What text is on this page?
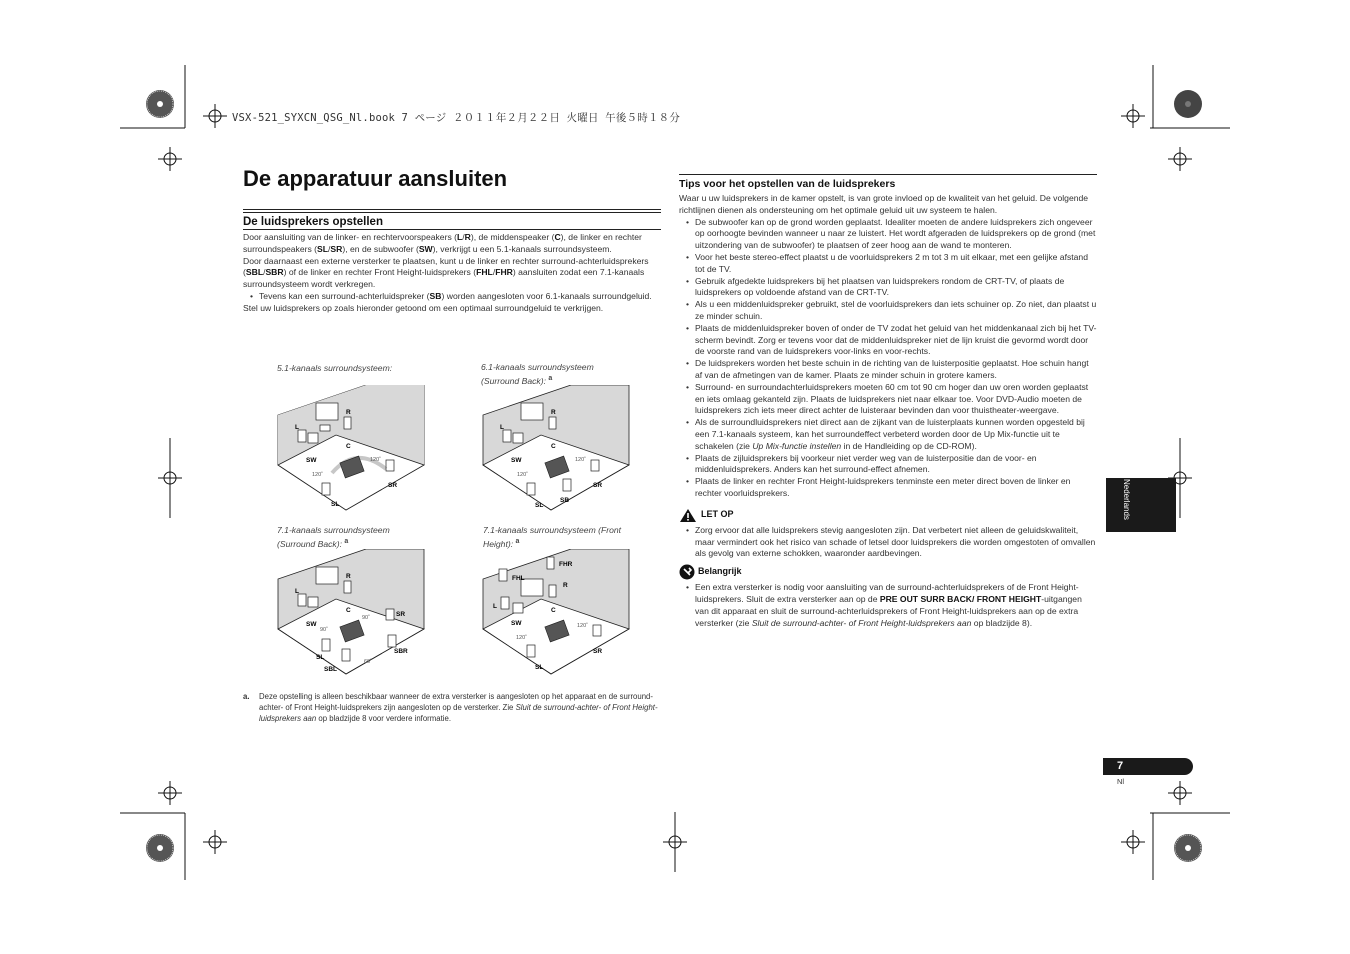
VSX-521_SYXCN_QSG_Nl.book 7 ページ ２０１１年２月２２日 火曜日 午後５時１８分
De apparatuur aansluiten
De luidsprekers opstellen

Door aansluiting van de linker- en rechtervoorspeakers (L/R), de middenspeaker (C), de linker en rechter surroundspeakers (SL/SR), en de subwoofer (SW), verkrijgt u een 5.1-kanaals surroundsysteem.

Door daarnaast een externe versterker te plaatsen, kunt u de linker en rechter surround-achterluidsprekers (SBL/SBR) of de linker en rechter Front Height-luidsprekers (FHL/FHR) aansluiten zodat een 7.1-kanaals surroundsysteem wordt verkregen.

• Tevens kan een surround-achterluidspreker (SB) worden aangesloten voor 6.1-kanaals surroundgeluid.

Stel uw luidsprekers op zoals hieronder getoond om een optimaal surroundgeluid te verkrijgen.

5.1-kanaals surroundsysteem:	6.1-kanaals surroundsysteem (Surround Back): $^a$
7.1-kanaals surroundsysteem (Surround Back): $^a$
7.1-kanaals surroundsysteem (Front Height): $^a$
L
R
C
SW
SR
SL
120˚
120˚
L
R
C
SW
SR
SL
SB
120˚
120˚
L
R
C
SW
SR
SL
SBL
SBR
90˚
90˚
60˚
FHL
FHR
L
R
C
SW
SR
SL
120˚
120˚
a.	Deze opstelling is alleen beschikbaar wanneer de extra versterker is aangesloten op het apparaat en de surround-achter- of Front Height-luidsprekers zijn aangesloten op de versterker. Zie Sluit de surround-achter- of Front Height-luidsprekers aan op bladzijde 8 voor verdere informatie.
Tips voor het opstellen van de luidsprekers

Waar u uw luidsprekers in de kamer opstelt, is van grote invloed op de kwaliteit van het geluid. De volgende richtlijnen dienen als ondersteuning om het optimale geluid uit uw systeem te halen.

• De subwoofer kan op de grond worden geplaatst. Idealiter moeten de andere luidsprekers zich ongeveer op oorhoogte bevinden wanneer u naar ze luistert. Het wordt afgeraden de luidsprekers op de grond (met uitzondering van de subwoofer) te plaatsen of zeer hoog aan de wand te monteren.
• Voor het beste stereo-effect plaatst u de voorluidsprekers 2 m tot 3 m uit elkaar, met een gelijke afstand tot de TV.
• Gebruik afgedekte luidsprekers bij het plaatsen van luidsprekers rondom de CRT-TV, of plaats de luidsprekers op voldoende afstand van de CRT-TV.
• Als u een middenluidspreker gebruikt, stel de voorluidsprekers dan iets schuiner op. Zo niet, dan plaatst u ze minder schuin.
• Plaats de middenluidspreker boven of onder de TV zodat het geluid van het middenkanaal zich bij het TV-scherm bevindt. Zorg er tevens voor dat de middenluidspreker niet de lijn kruist die gevormd wordt door de voorste rand van de luidsprekers voor-links en voor-rechts.
• De luidsprekers worden het beste schuin in de richting van de luisterpositie geplaatst. Hoe schuin hangt af van de afmetingen van de kamer. Plaats ze minder schuin in grotere kamers.
• Surround- en surroundachterluidsprekers moeten 60 cm tot 90 cm hoger dan uw oren worden geplaatst en iets omlaag gekanteld zijn. Plaats de luidsprekers niet naar elkaar toe. Voor DVD-Audio moeten de luidsprekers zich iets meer direct achter de luisteraar bevinden dan voor thuistheater-weergave.
• Als de surroundluidsprekers niet direct aan de zijkant van de luisterplaats kunnen worden opgesteld bij een 7.1-kanaals systeem, kan het surroundeffect verbeterd worden door de Up Mix-functie uit te schakelen (zie Up Mix-functie instellen in de Handleiding op de CD-ROM).
• Plaats de zijluidsprekers bij voorkeur niet verder weg van de luisterpositie dan de voor- en middenluidsprekers. Anders kan het surround-effect afnemen.
• Plaats de linker en rechter Front Height-luidsprekers tenminste een meter direct boven de linker en rechter voorluidsprekers.
LET OP
• Zorg ervoor dat alle luidsprekers stevig aangesloten zijn. Dat verbetert niet alleen de geluidskwaliteit, maar vermindert ook het risico van schade of letsel door luidsprekers die worden omgestoten of omvallen als gevolg van externe schokken, waaronder aardbevingen.
Belangrijk
• Een extra versterker is nodig voor aansluiting van de surround-achterluidsprekers of de Front Height-luidsprekers. Sluit de extra versterker aan op de PRE OUT SURR BACK/ FRONT HEIGHT-uitgangen van dit apparaat en sluit de surround-achterluidsprekers of Front Height-luidsprekers aan op de extra versterker (zie Sluit de surround-achter- of Front Height-luidsprekers aan op bladzijde 8).
Nederlands
7
Nl
